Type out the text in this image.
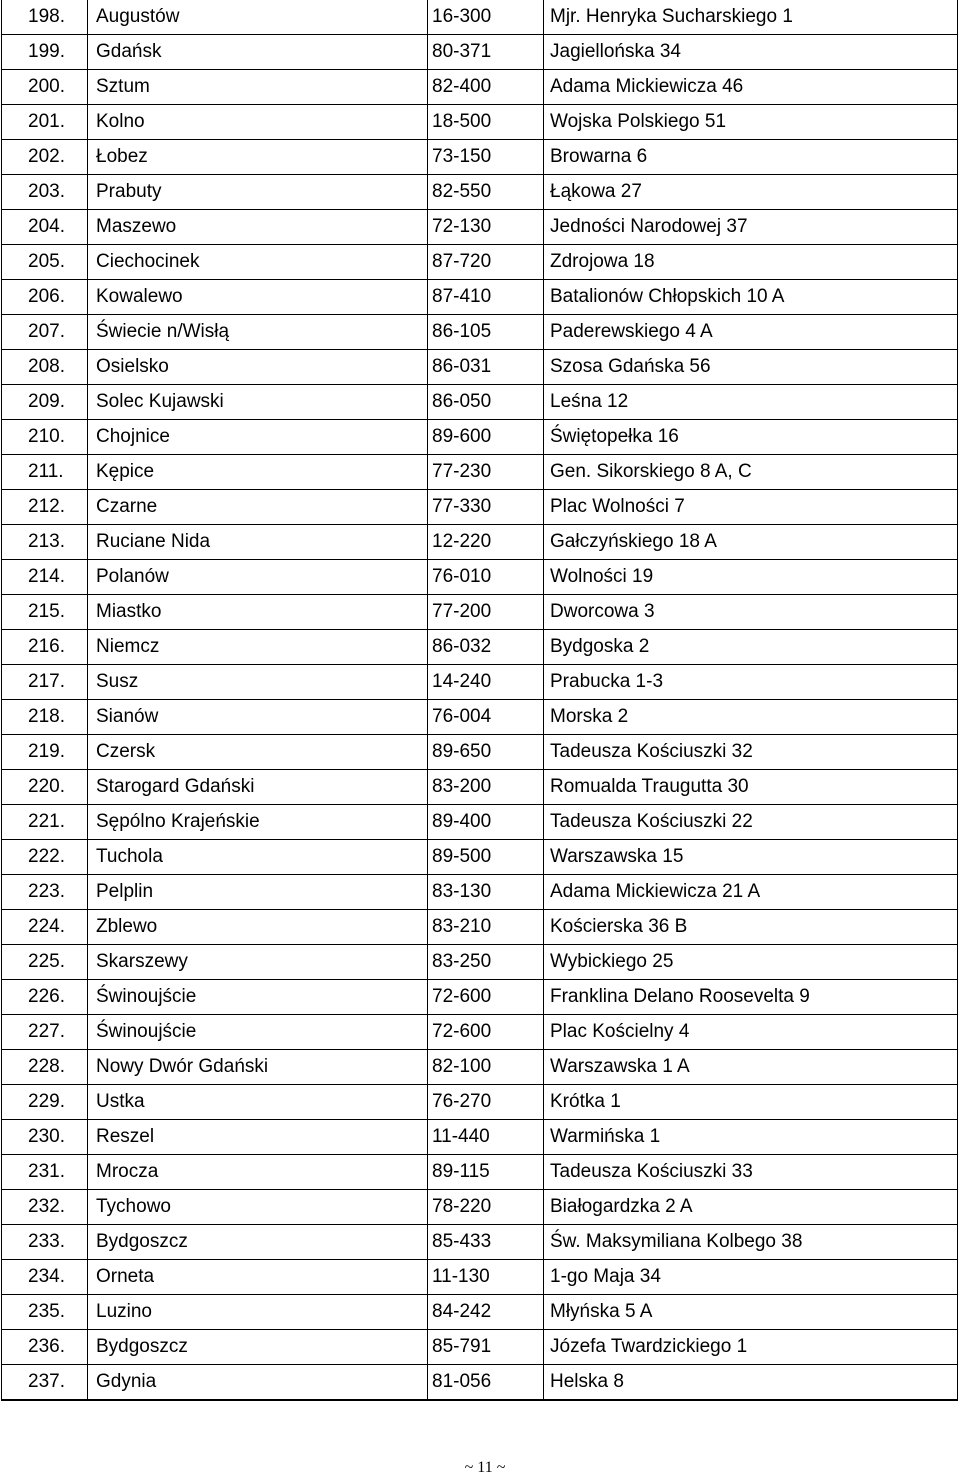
198.	Augustów	16-300	Mjr. Henryka Sucharskiego 1
199.	Gdańsk	80-371	Jagiellońska 34
200.	Sztum	82-400	Adama Mickiewicza 46
201.	Kolno	18-500	Wojska Polskiego 51
202.	Łobez	73-150	Browarna 6
203.	Prabuty	82-550	Łąkowa 27
204.	Maszewo	72-130	Jedności Narodowej 37
205.	Ciechocinek	87-720	Zdrojowa 18
206.	Kowalewo	87-410	Batalionów Chłopskich 10 A
207.	Świecie n/Wisłą	86-105	Paderewskiego 4 A
208.	Osielsko	86-031	Szosa Gdańska 56
209.	Solec Kujawski	86-050	Leśna 12
210.	Chojnice	89-600	Świętopełka 16
211.	Kępice	77-230	Gen. Sikorskiego 8 A, C
212.	Czarne	77-330	Plac Wolności 7
213.	Ruciane Nida	12-220	Gałczyńskiego 18 A
214.	Polanów	76-010	Wolności 19
215.	Miastko	77-200	Dworcowa 3
216.	Niemcz	86-032	Bydgoska 2
217.	Susz	14-240	Prabucka 1-3
218.	Sianów	76-004	Morska 2
219.	Czersk	89-650	Tadeusza Kościuszki 32
220.	Starogard Gdański	83-200	Romualda Traugutta 30
221.	Sępólno Krajeńskie	89-400	Tadeusza Kościuszki 22
222.	Tuchola	89-500	Warszawska 15
223.	Pelplin	83-130	Adama Mickiewicza 21 A
224.	Zblewo	83-210	Kościerska 36 B
225.	Skarszewy	83-250	Wybickiego 25
226.	Świnoujście	72-600	Franklina Delano Roosevelta 9
227.	Świnoujście	72-600	Plac Kościelny 4
228.	Nowy Dwór Gdański	82-100	Warszawska 1 A
229.	Ustka	76-270	Krótka 1
230.	Reszel	11-440	Warmińska 1
231.	Mrocza	89-115	Tadeusza Kościuszki 33
232.	Tychowo	78-220	Białogardzka 2 A
233.	Bydgoszcz	85-433	Św. Maksymiliana Kolbego 38
234.	Orneta	11-130	1-go Maja 34
235.	Luzino	84-242	Młyńska 5 A
236.	Bydgoszcz	85-791	Józefa Twardzickiego 1
237.	Gdynia	81-056	Helska 8
~ 11 ~
